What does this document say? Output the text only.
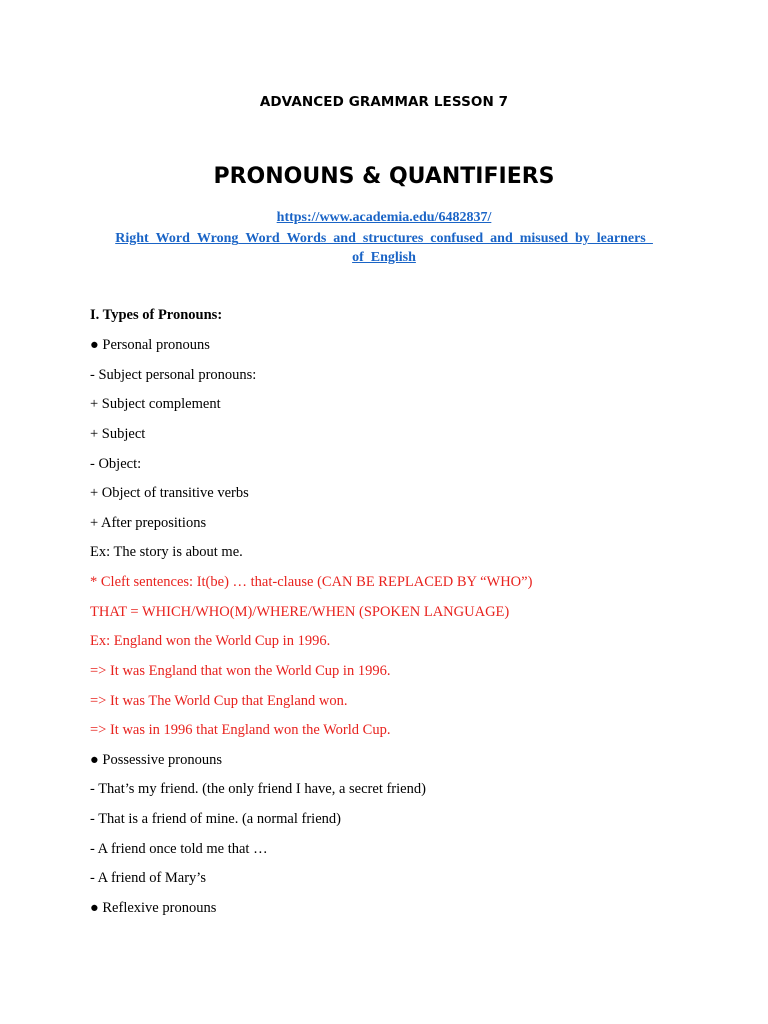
ADVANCED GRAMMAR LESSON 7
PRONOUNS & QUANTIFIERS
https://www.academia.edu/6482837/
Right_Word_Wrong_Word_Words_and_structures_confused_and_misused_by_learners_
of_English
I. Types of Pronouns:
● Personal pronouns
- Subject personal pronouns:
+ Subject complement
+ Subject
- Object:
+ Object of transitive verbs
+ After prepositions
Ex: The story is about me.
* Cleft sentences: It(be) … that-clause (CAN BE REPLACED BY “WHO”)
THAT = WHICH/WHO(M)/WHERE/WHEN (SPOKEN LANGUAGE)
Ex: England won the World Cup in 1996.
=> It was England that won the World Cup in 1996.
=> It was The World Cup that England won.
=> It was in 1996 that England won the World Cup.
● Possessive pronouns
- That’s my friend. (the only friend I have, a secret friend)
- That is a friend of mine. (a normal friend)
- A friend once told me that …
- A friend of Mary’s
● Reflexive pronouns
